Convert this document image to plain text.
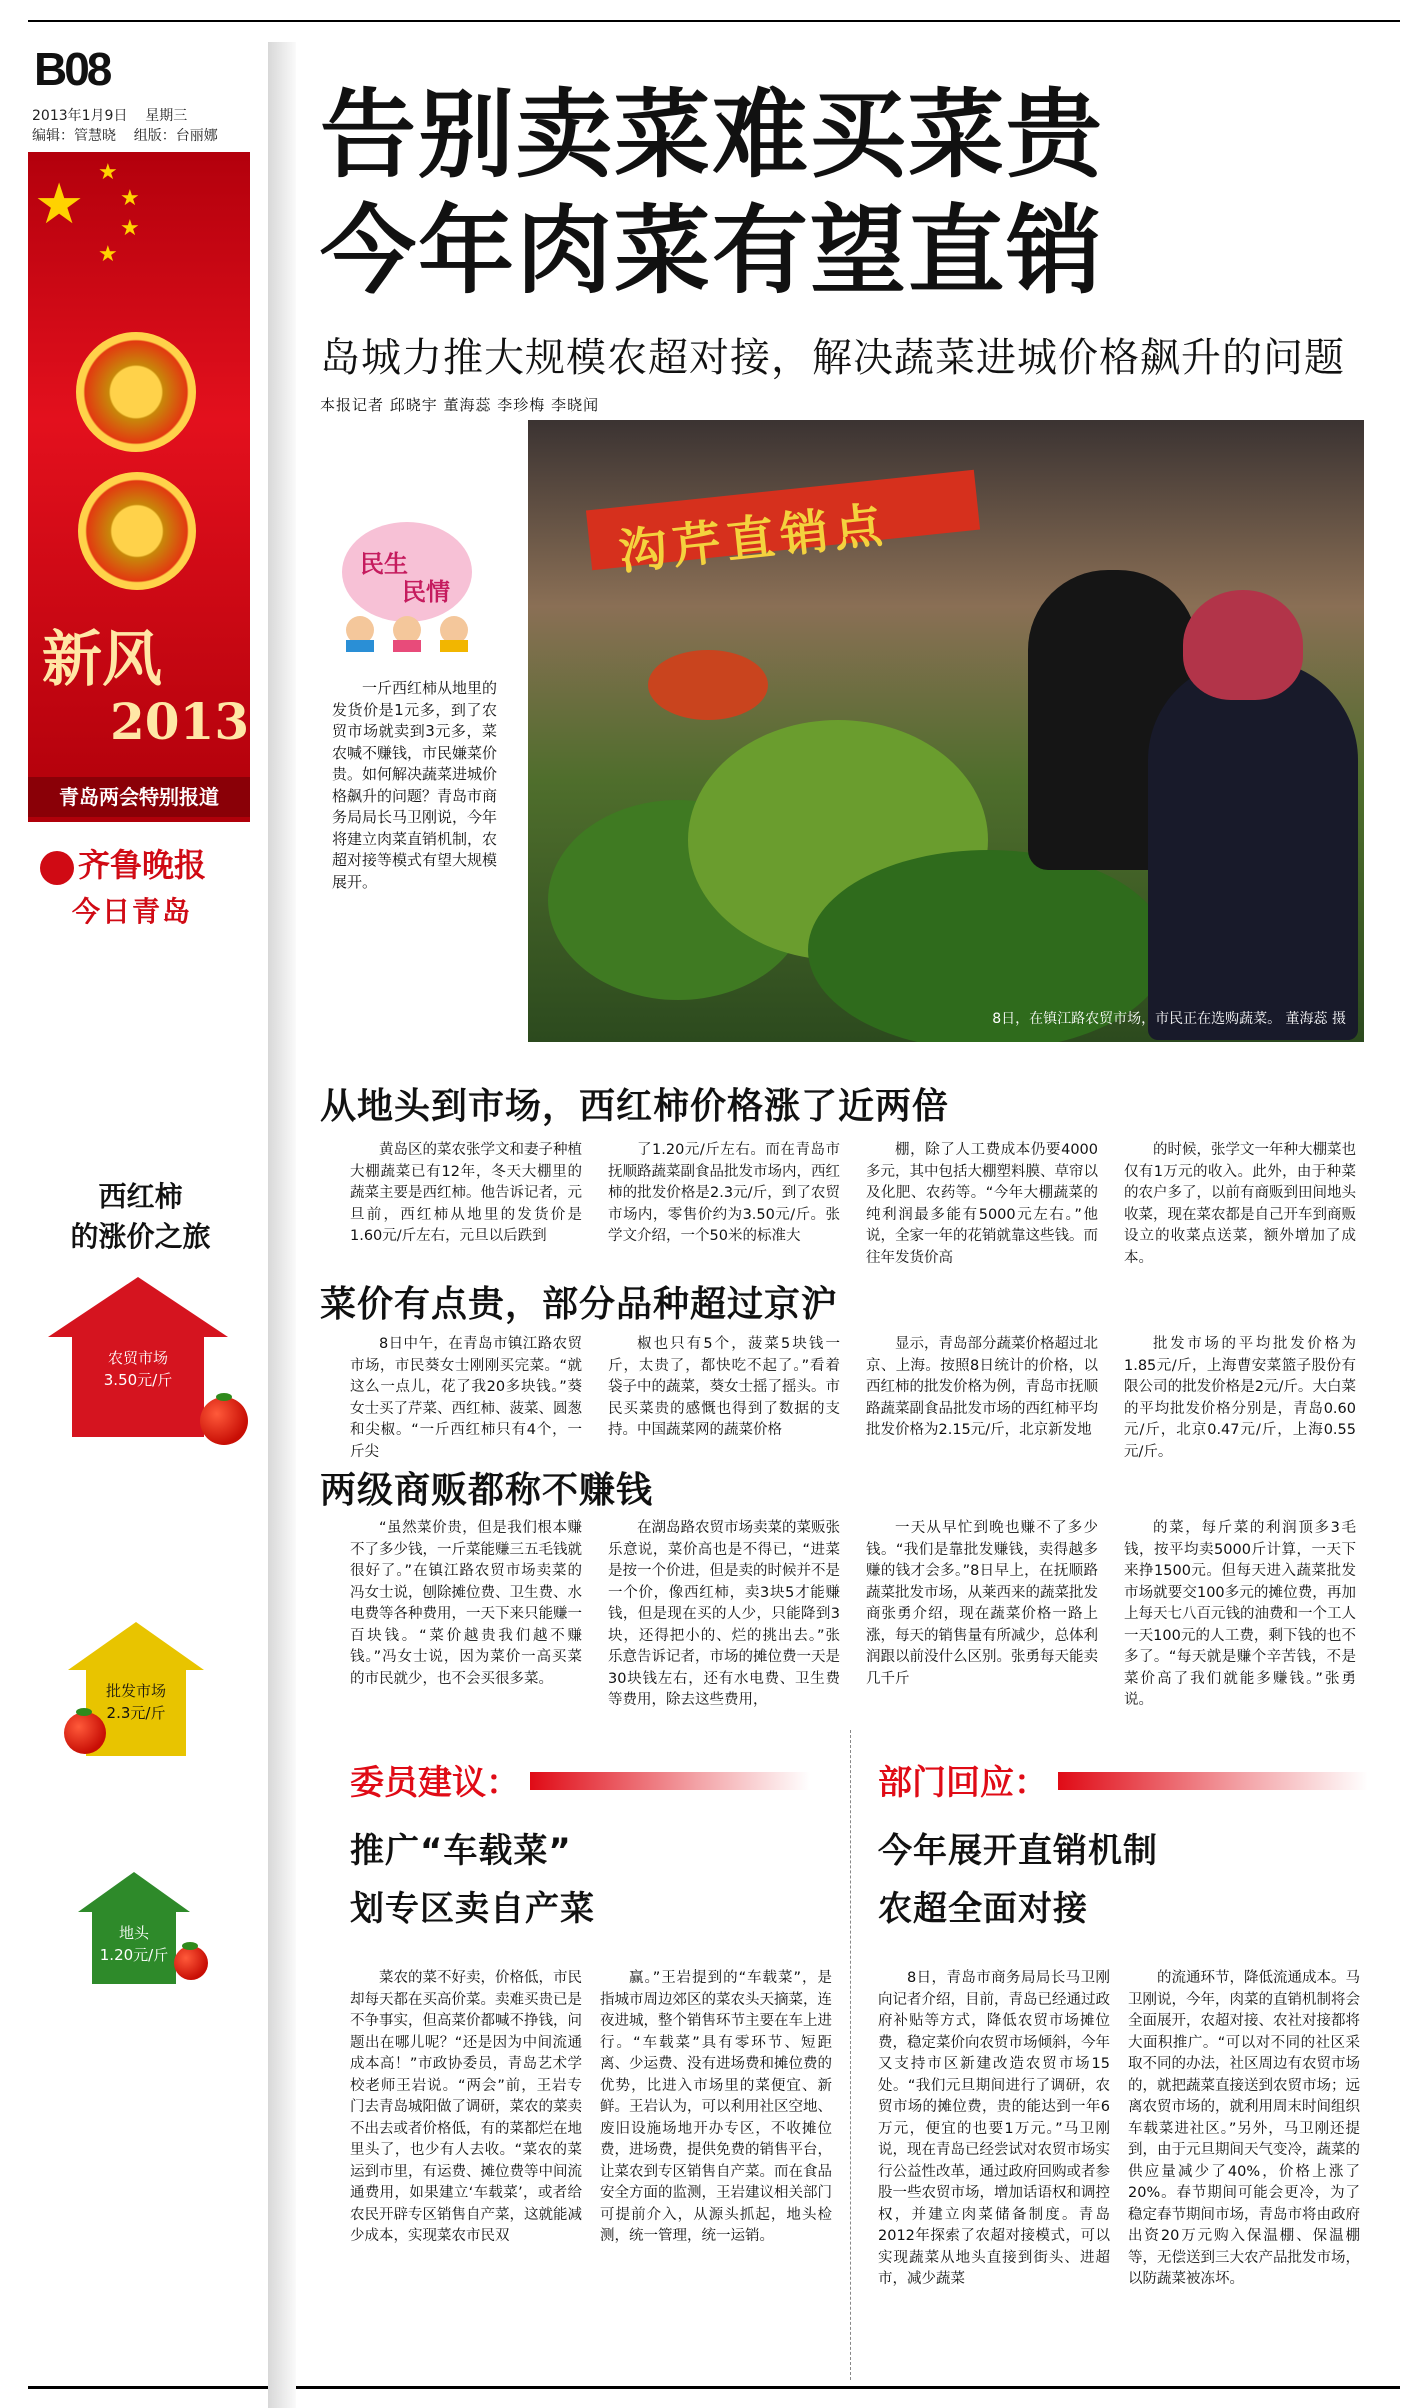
B08
2013年1月9日    星期三
编辑：管慧晓    组版：台丽娜
★ ★
★
★
★
新风
2013
青岛两会特别报道
齐鲁晚报
今日青岛
西红柿
的涨价之旅
农贸市场
3.50元/斤
批发市场
2.3元/斤
地头
1.20元/斤
告别卖菜难买菜贵
今年肉菜有望直销
岛城力推大规模农超对接，解决蔬菜进城价格飙升的问题
本报记者 邱晓宇 董海蕊 李珍梅 李晓闻
民生
民情
一斤西红柿从地里的发货价是1元多，到了农贸市场就卖到3元多，菜农喊不赚钱，市民嫌菜价贵。如何解决蔬菜进城价格飙升的问题？青岛市商务局局长马卫刚说，今年将建立肉菜直销机制，农超对接等模式有望大规模展开。
沟芹直销点
8日，在镇江路农贸市场，市民正在选购蔬菜。 董海蕊 摄
从地头到市场，西红柿价格涨了近两倍
黄岛区的菜农张学文和妻子种植大棚蔬菜已有12年，冬天大棚里的蔬菜主要是西红柿。他告诉记者，元旦前，西红柿从地里的发货价是1.60元/斤左右，元旦以后跌到
了1.20元/斤左右。而在青岛市抚顺路蔬菜副食品批发市场内，西红柿的批发价格是2.3元/斤，到了农贸市场内，零售价约为3.50元/斤。张学文介绍，一个50米的标准大
棚，除了人工费成本仍要4000多元，其中包括大棚塑料膜、草帘以及化肥、农药等。“今年大棚蔬菜的纯利润最多能有5000元左右。”他说，全家一年的花销就靠这些钱。而往年发货价高
的时候，张学文一年种大棚菜也仅有1万元的收入。此外，由于种菜的农户多了，以前有商贩到田间地头收菜，现在菜农都是自己开车到商贩设立的收菜点送菜，额外增加了成本。
菜价有点贵，部分品种超过京沪
8日中午，在青岛市镇江路农贸市场，市民葵女士刚刚买完菜。“就这么一点儿，花了我20多块钱。”葵女士买了芹菜、西红柿、菠菜、圆葱和尖椒。“一斤西红柿只有4个，一斤尖
椒也只有5个，菠菜5块钱一斤，太贵了，都快吃不起了。”看着袋子中的蔬菜，葵女士摇了摇头。市民买菜贵的感慨也得到了数据的支持。中国蔬菜网的蔬菜价格
显示，青岛部分蔬菜价格超过北京、上海。按照8日统计的价格，以西红柿的批发价格为例，青岛市抚顺路蔬菜副食品批发市场的西红柿平均批发价格为2.15元/斤，北京新发地
批发市场的平均批发价格为1.85元/斤，上海曹安菜篮子股份有限公司的批发价格是2元/斤。大白菜的平均批发价格分别是，青岛0.60元/斤，北京0.47元/斤，上海0.55元/斤。
两级商贩都称不赚钱
“虽然菜价贵，但是我们根本赚不了多少钱，一斤菜能赚三五毛钱就很好了。”在镇江路农贸市场卖菜的冯女士说，刨除摊位费、卫生费、水电费等各种费用，一天下来只能赚一百块钱。“菜价越贵我们越不赚钱。”冯女士说，因为菜价一高买菜的市民就少，也不会买很多菜。
在湖岛路农贸市场卖菜的菜贩张乐意说，菜价高也是不得已，“进菜是按一个价进，但是卖的时候并不是一个价，像西红柿，卖3块5才能赚钱，但是现在买的人少，只能降到3块，还得把小的、烂的挑出去。”张乐意告诉记者，市场的摊位费一天是30块钱左右，还有水电费、卫生费等费用，除去这些费用，
一天从早忙到晚也赚不了多少钱。“我们是靠批发赚钱，卖得越多赚的钱才会多。”8日早上，在抚顺路蔬菜批发市场，从莱西来的蔬菜批发商张勇介绍，现在蔬菜价格一路上涨，每天的销售量有所减少，总体利润跟以前没什么区别。张勇每天能卖几千斤
的菜，每斤菜的利润顶多3毛钱，按平均卖5000斤计算，一天下来挣1500元。但每天进入蔬菜批发市场就要交100多元的摊位费，再加上每天七八百元钱的油费和一个工人一天100元的人工费，剩下钱的也不多了。“每天就是赚个辛苦钱，不是菜价高了我们就能多赚钱。”张勇说。
委员建议：
推广“车载菜”
划专区卖自产菜
菜农的菜不好卖，价格低，市民却每天都在买高价菜。卖难买贵已是不争事实，但高菜价都喊不挣钱，问题出在哪儿呢？“还是因为中间流通成本高！”市政协委员，青岛艺术学校老师王岩说。“两会”前，王岩专门去青岛城阳做了调研，菜农的菜卖不出去或者价格低，有的菜都烂在地里头了，也少有人去收。“菜农的菜运到市里，有运费、摊位费等中间流通费用，如果建立‘车载菜’，或者给农民开辟专区销售自产菜，这就能减少成本，实现菜农市民双
赢。”王岩提到的“车载菜”，是指城市周边郊区的菜农头天摘菜，连夜进城，整个销售环节主要在车上进行。“车载菜”具有零环节、短距离、少运费、没有进场费和摊位费的优势，比进入市场里的菜便宜、新鲜。王岩认为，可以利用社区空地、废旧设施场地开办专区，不收摊位费，进场费，提供免费的销售平台，让菜农到专区销售自产菜。而在食品安全方面的监测，王岩建议相关部门可提前介入，从源头抓起，地头检测，统一管理，统一运销。
部门回应：
今年展开直销机制
农超全面对接
8日，青岛市商务局局长马卫刚向记者介绍，目前，青岛已经通过政府补贴等方式，降低农贸市场摊位费，稳定菜价向农贸市场倾斜，今年又支持市区新建改造农贸市场15处。“我们元旦期间进行了调研，农贸市场的摊位费，贵的能达到一年6万元，便宜的也要1万元。”马卫刚说，现在青岛已经尝试对农贸市场实行公益性改革，通过政府回购或者参股一些农贸市场，增加话语权和调控权，并建立肉菜储备制度。青岛2012年探索了农超对接模式，可以实现蔬菜从地头直接到街头、进超市，减少蔬菜
的流通环节，降低流通成本。马卫刚说，今年，肉菜的直销机制将会全面展开，农超对接、农社对接都将大面积推广。“可以对不同的社区采取不同的办法，社区周边有农贸市场的，就把蔬菜直接送到农贸市场；远离农贸市场的，就利用周末时间组织车载菜进社区。”另外，马卫刚还提到，由于元旦期间天气变冷，蔬菜的供应量减少了40%，价格上涨了20%。春节期间可能会更冷，为了稳定春节期间市场，青岛市将由政府出资20万元购入保温棚、保温棚等，无偿送到三大农产品批发市场，以防蔬菜被冻坏。
